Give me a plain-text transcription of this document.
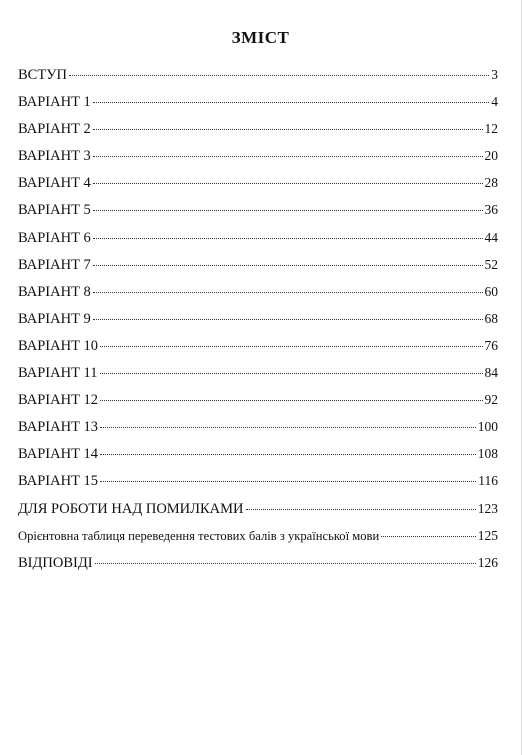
ЗМІСТ
ВСТУП	3
ВАРІАНТ 1	4
ВАРІАНТ 2	12
ВАРІАНТ 3	20
ВАРІАНТ 4	28
ВАРІАНТ 5	36
ВАРІАНТ 6	44
ВАРІАНТ 7	52
ВАРІАНТ 8	60
ВАРІАНТ 9	68
ВАРІАНТ 10	76
ВАРІАНТ 11	84
ВАРІАНТ 12	92
ВАРІАНТ 13	100
ВАРІАНТ 14	108
ВАРІАНТ 15	116
ДЛЯ РОБОТИ НАД ПОМИЛКАМИ	123
Орієнтовна таблиця переведення тестових балів з української мови	125
ВІДПОВІДІ	126
